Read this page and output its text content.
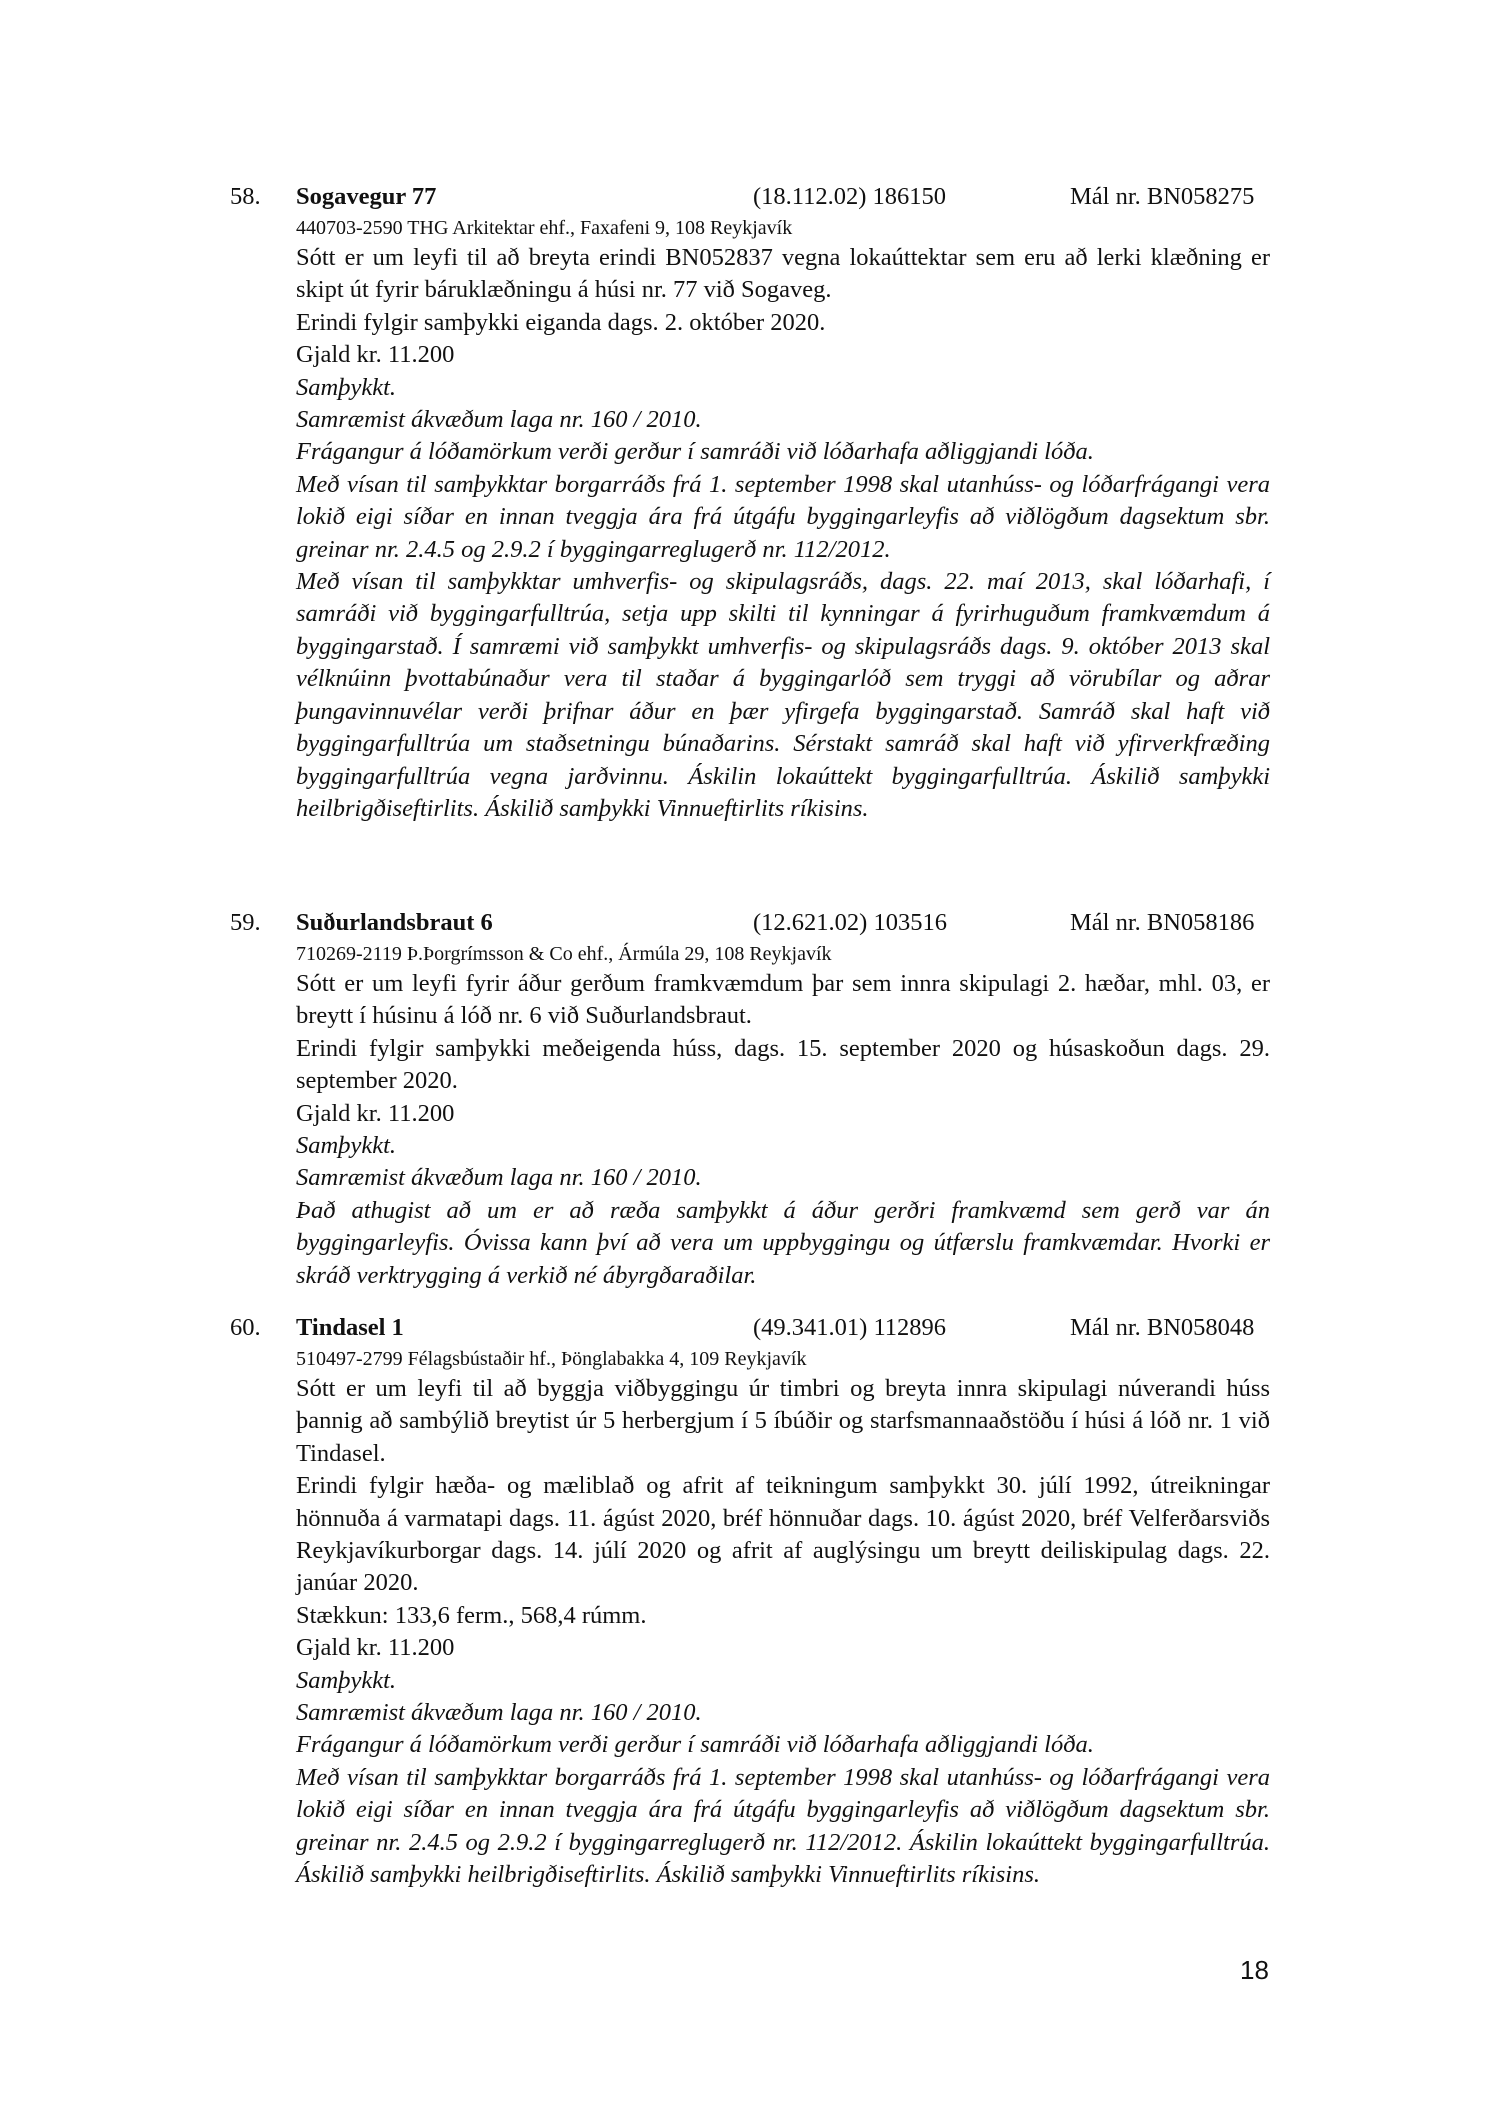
58. Sogavegur 77	(18.112.02) 186150	Mál nr. BN058275
440703-2590 THG Arkitektar ehf., Faxafeni 9, 108 Reykjavík

Sótt er um leyfi til að breyta erindi BN052837 vegna lokaúttektar sem eru að lerki klæðning er skipt út fyrir báruklæðningu á húsi nr. 77 við Sogaveg.

Erindi fylgir samþykki eiganda dags. 2. október 2020.

Gjald kr. 11.200

Samþykkt.

Samræmist ákvæðum laga nr. 160 / 2010.

Frágangur á lóðamörkum verði gerður í samráði við lóðarhafa aðliggjandi lóða.

Með vísan til samþykktar borgarráðs frá 1. september 1998 skal utanhúss- og lóðarfrágangi vera lokið eigi síðar en innan tveggja ára frá útgáfu byggingarleyfis að viðlögðum dagsektum sbr. greinar nr. 2.4.5 og 2.9.2 í byggingarreglugerð nr. 112/2012.

Með vísan til samþykktar umhverfis- og skipulagsráðs, dags. 22. maí 2013, skal lóðarhafi, í samráði við byggingarfulltrúa, setja upp skilti til kynningar á fyrirhuguðum framkvæmdum á byggingarstað. Í samræmi við samþykkt umhverfis- og skipulagsráðs dags. 9. október 2013 skal vélknúinn þvottabúnaður vera til staðar á byggingarlóð sem tryggi að vörubílar og aðrar þungavinnuvélar verði þrifnar áður en þær yfirgefa byggingarstað. Samráð skal haft við byggingarfulltrúa um staðsetningu búnaðarins. Sérstakt samráð skal haft við yfirverkfræðing byggingarfulltrúa vegna jarðvinnu. Áskilin lokaúttekt byggingarfulltrúa. Áskilið samþykki heilbrigðiseftirlits. Áskilið samþykki Vinnueftirlits ríkisins.

59. Suðurlandsbraut 6	(12.621.02) 103516	Mál nr. BN058186
710269-2119 Þ.Þorgrímsson & Co ehf., Ármúla 29, 108 Reykjavík

Sótt er um leyfi fyrir áður gerðum framkvæmdum þar sem innra skipulagi 2. hæðar, mhl. 03, er breytt í húsinu á lóð nr. 6 við Suðurlandsbraut.

Erindi fylgir samþykki meðeigenda húss, dags. 15. september 2020 og húsaskoðun dags. 29. september 2020.

Gjald kr. 11.200

Samþykkt.

Samræmist ákvæðum laga nr. 160 / 2010.

Það athugist að um er að ræða samþykkt á áður gerðri framkvæmd sem gerð var án byggingarleyfis. Óvissa kann því að vera um uppbyggingu og útfærslu framkvæmdar. Hvorki er skráð verktrygging á verkið né ábyrgðaraðilar.

60. Tindasel 1	(49.341.01) 112896	Mál nr. BN058048
510497-2799 Félagsbústaðir hf., Þönglabakka 4, 109 Reykjavík

Sótt er um leyfi til að byggja viðbyggingu úr timbri og breyta innra skipulagi núverandi húss þannig að sambýlið breytist úr 5 herbergjum í 5 íbúðir og starfsmannaaðstöðu í húsi á lóð nr. 1 við Tindasel.

Erindi fylgir hæða- og mæliblað og afrit af teikningum samþykkt 30. júlí 1992, útreikningar hönnuða á varmatapi dags. 11. ágúst 2020, bréf hönnuðar dags. 10. ágúst 2020, bréf Velferðarsviðs Reykjavíkurborgar dags. 14. júlí 2020 og afrit af auglýsingu um breytt deiliskipulag dags. 22. janúar 2020.

Stækkun: 133,6 ferm., 568,4 rúmm.

Gjald kr. 11.200

Samþykkt.

Samræmist ákvæðum laga nr. 160 / 2010.

Frágangur á lóðamörkum verði gerður í samráði við lóðarhafa aðliggjandi lóða.

Með vísan til samþykktar borgarráðs frá 1. september 1998 skal utanhúss- og lóðarfrágangi vera lokið eigi síðar en innan tveggja ára frá útgáfu byggingarleyfis að viðlögðum dagsektum sbr. greinar nr. 2.4.5 og 2.9.2 í byggingarreglugerð nr. 112/2012. Áskilin lokaúttekt byggingarfulltrúa. Áskilið samþykki heilbrigðiseftirlits. Áskilið samþykki Vinnueftirlits ríkisins.

18
